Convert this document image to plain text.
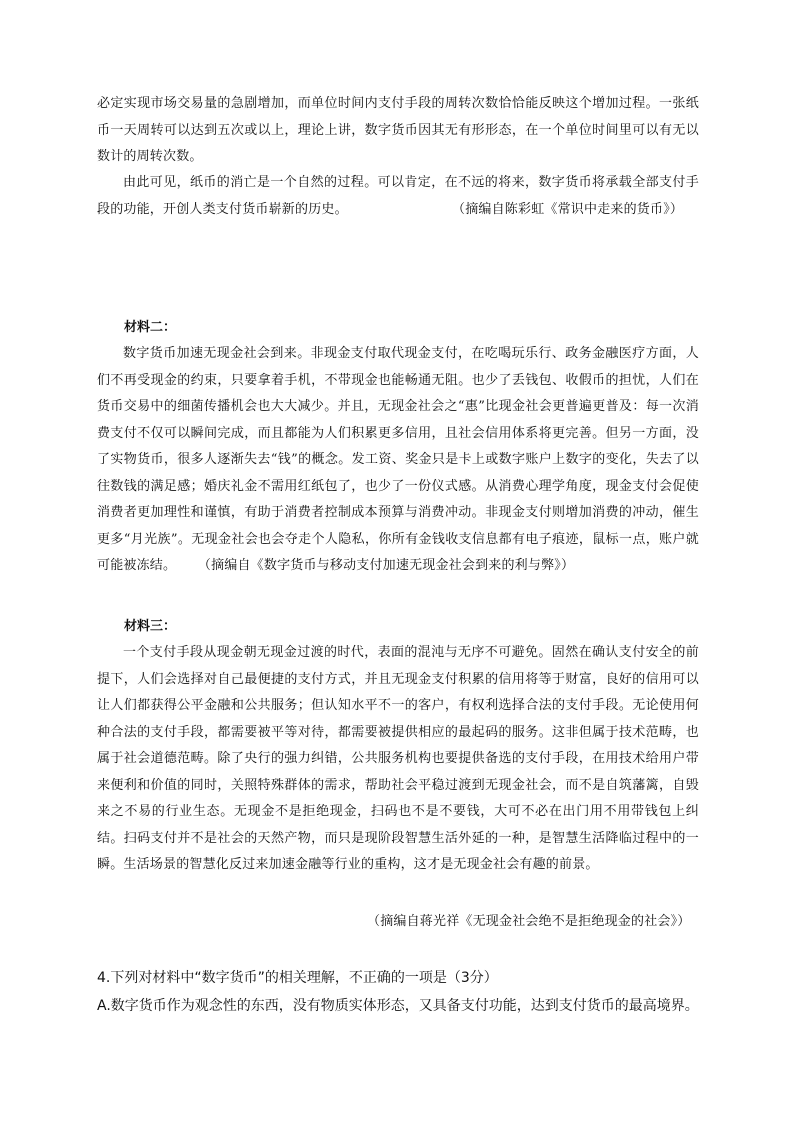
必定实现市场交易量的急剧增加，而单位时间内支付手段的周转次数恰恰能反映这个增加过程。一张纸币一天周转可以达到五次或以上，理论上讲，数字货币因其无有形形态，在一个单位时间里可以有无以数计的周转次数。
由此可见，纸币的消亡是一个自然的过程。可以肯定，在不远的将来，数字货币将承载全部支付手段的功能，开创人类支付货币崭新的历史。	（摘编自陈彩虹《常识中走来的货币》）
材料二：
数字货币加速无现金社会到来。非现金支付取代现金支付，在吃喝玩乐行、政务金融医疗方面，人们不再受现金的约束，只要拿着手机，不带现金也能畅通无阻。也少了丢钱包、收假币的担忧，人们在货币交易中的细菌传播机会也大大减少。并且，无现金社会之“惠”比现金社会更普遍更普及：每一次消费支付不仅可以瞬间完成，而且都能为人们积累更多信用，且社会信用体系将更完善。但另一方面，没了实物货币，很多人逐渐失去“钱”的概念。发工资、奖金只是卡上或数字账户上数字的变化，失去了以往数钱的满足感；婚庆礼金不需用红纸包了，也少了一份仪式感。从消费心理学角度，现金支付会促使消费者更加理性和谨慎，有助于消费者控制成本预算与消费冲动。非现金支付则增加消费的冲动，催生更多“月光族”。无现金社会也会夺走个人隐私，你所有金钱收支信息都有电子痕迹，鼠标一点，账户就可能被冻结。 （摘编自《数字货币与移动支付加速无现金社会到来的利与弊》）
材料三：
一个支付手段从现金朝无现金过渡的时代，表面的混沌与无序不可避免。固然在确认支付安全的前提下，人们会选择对自己最便捷的支付方式，并且无现金支付积累的信用将等于财富，良好的信用可以让人们都获得公平金融和公共服务；但认知水平不一的客户，有权利选择合法的支付手段。无论使用何种合法的支付手段，都需要被平等对待，都需要被提供相应的最起码的服务。这非但属于技术范畴，也属于社会道德范畴。除了央行的强力纠错，公共服务机构也要提供备选的支付手段，在用技术给用户带来便利和价值的同时，关照特殊群体的需求，帮助社会平稳过渡到无现金社会，而不是自筑藩篱，自毁来之不易的行业生态。无现金不是拒绝现金，扫码也不是不要钱，大可不必在出门用不用带钱包上纠结。扫码支付并不是社会的天然产物，而只是现阶段智慧生活外延的一种，是智慧生活降临过程中的一瞬。生活场景的智慧化反过来加速金融等行业的重构，这才是无现金社会有趣的前景。
（摘编自蒋光祥《无现金社会绝不是拒绝现金的社会》）
4.下列对材料中“数字货币”的相关理解，不正确的一项是（3分）
A.数字货币作为观念性的东西，没有物质实体形态，又具备支付功能，达到支付货币的最高境界。
